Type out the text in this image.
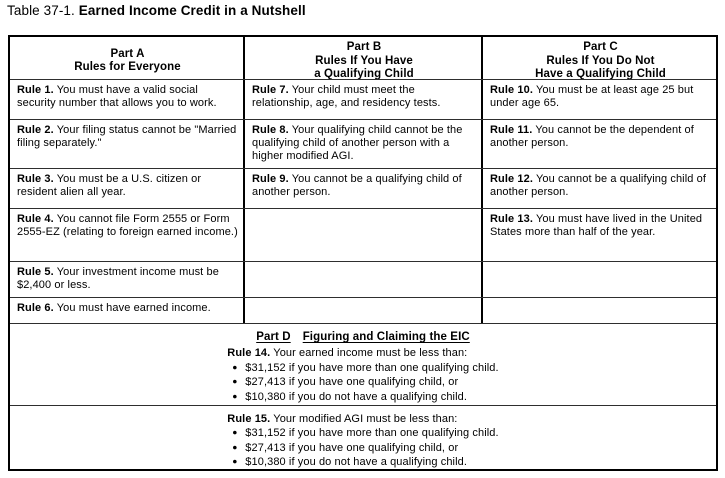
Table 37-1. Earned Income Credit in a Nutshell
Part A
Rules for Everyone
Part B
Rules If You Have
a Qualifying Child
Part C
Rules If You Do Not
Have a Qualifying Child
Rule 1. You must have a valid social security number that allows you to work.
Rule 7. Your child must meet the relationship, age, and residency tests.
Rule 10. You must be at least age 25 but under age 65.
Rule 2. Your filing status cannot be "Married filing separately."
Rule 8. Your qualifying child cannot be the qualifying child of another person with a higher modified AGI.
Rule 11. You cannot be the dependent of another person.
Rule 3. You must be a U.S. citizen or resident alien all year.
Rule 9. You cannot be a qualifying child of another person.
Rule 12. You cannot be a qualifying child of another person.
Rule 4. You cannot file Form 2555 or Form 2555-EZ (relating to foreign earned income.)
Rule 13. You must have lived in the United States more than half of the year.
Rule 5. Your investment income must be $2,400 or less.
Rule 6. You must have earned income.
Part D Figuring and Claiming the EIC
Rule 14. Your earned income must be less than:
● $31,152 if you have more than one qualifying child.
● $27,413 if you have one qualifying child, or
● $10,380 if you do not have a qualifying child.
Rule 15. Your modified AGI must be less than:
● $31,152 if you have more than one qualifying child.
● $27,413 if you have one qualifying child, or
● $10,380 if you do not have a qualifying child.
